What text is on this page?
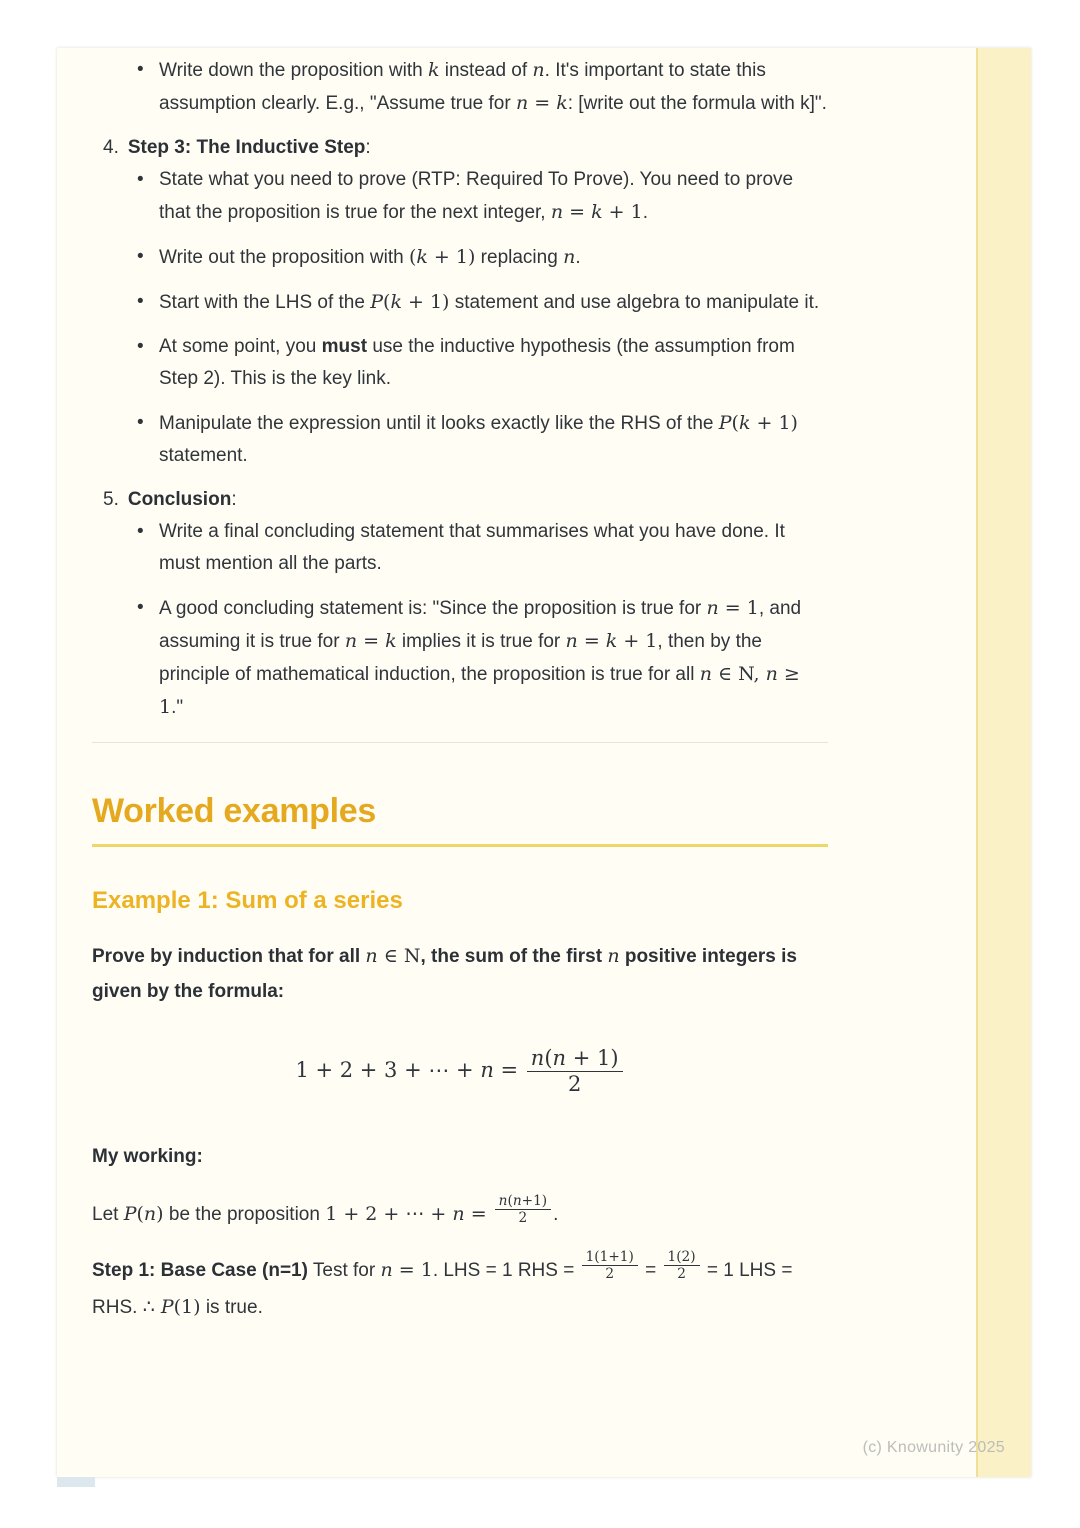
• Write down the proposition with k instead of n. It's important to state this assumption clearly. E.g., "Assume true for n = k: [write out the formula with k]".
4. Step 3: The Inductive Step:
• State what you need to prove (RTP: Required To Prove). You need to prove that the proposition is true for the next integer, n = k + 1.
• Write out the proposition with (k + 1) replacing n.
• Start with the LHS of the P(k + 1) statement and use algebra to manipulate it.
• At some point, you must use the inductive hypothesis (the assumption from Step 2). This is the key link.
• Manipulate the expression until it looks exactly like the RHS of the P(k + 1) statement.
5. Conclusion:
• Write a final concluding statement that summarises what you have done. It must mention all the parts.
• A good concluding statement is: "Since the proposition is true for n = 1, and assuming it is true for n = k implies it is true for n = k + 1, then by the principle of mathematical induction, the proposition is true for all n ∈ N, n ≥ 1."
Worked examples
Example 1: Sum of a series

Prove by induction that for all n ∈ N, the sum of the first n positive integers is given by the formula:

1 + 2 + 3 + ⋯ + $n = \frac{n(n + 1)}{2}$

My working:

Let P(n) be the proposition 1 + 2 + ⋯ + $n = \frac{n(n+1)}{2}$ .

Step 1: Base Case (n=1) Test for n = 1. LHS = 1 RHS = $\frac{1(1+1)}{2} = \frac{1(2)}{2} = 1$ LHS = RHS. ∴ P(1) is true.

(c) Knowunity 2025
